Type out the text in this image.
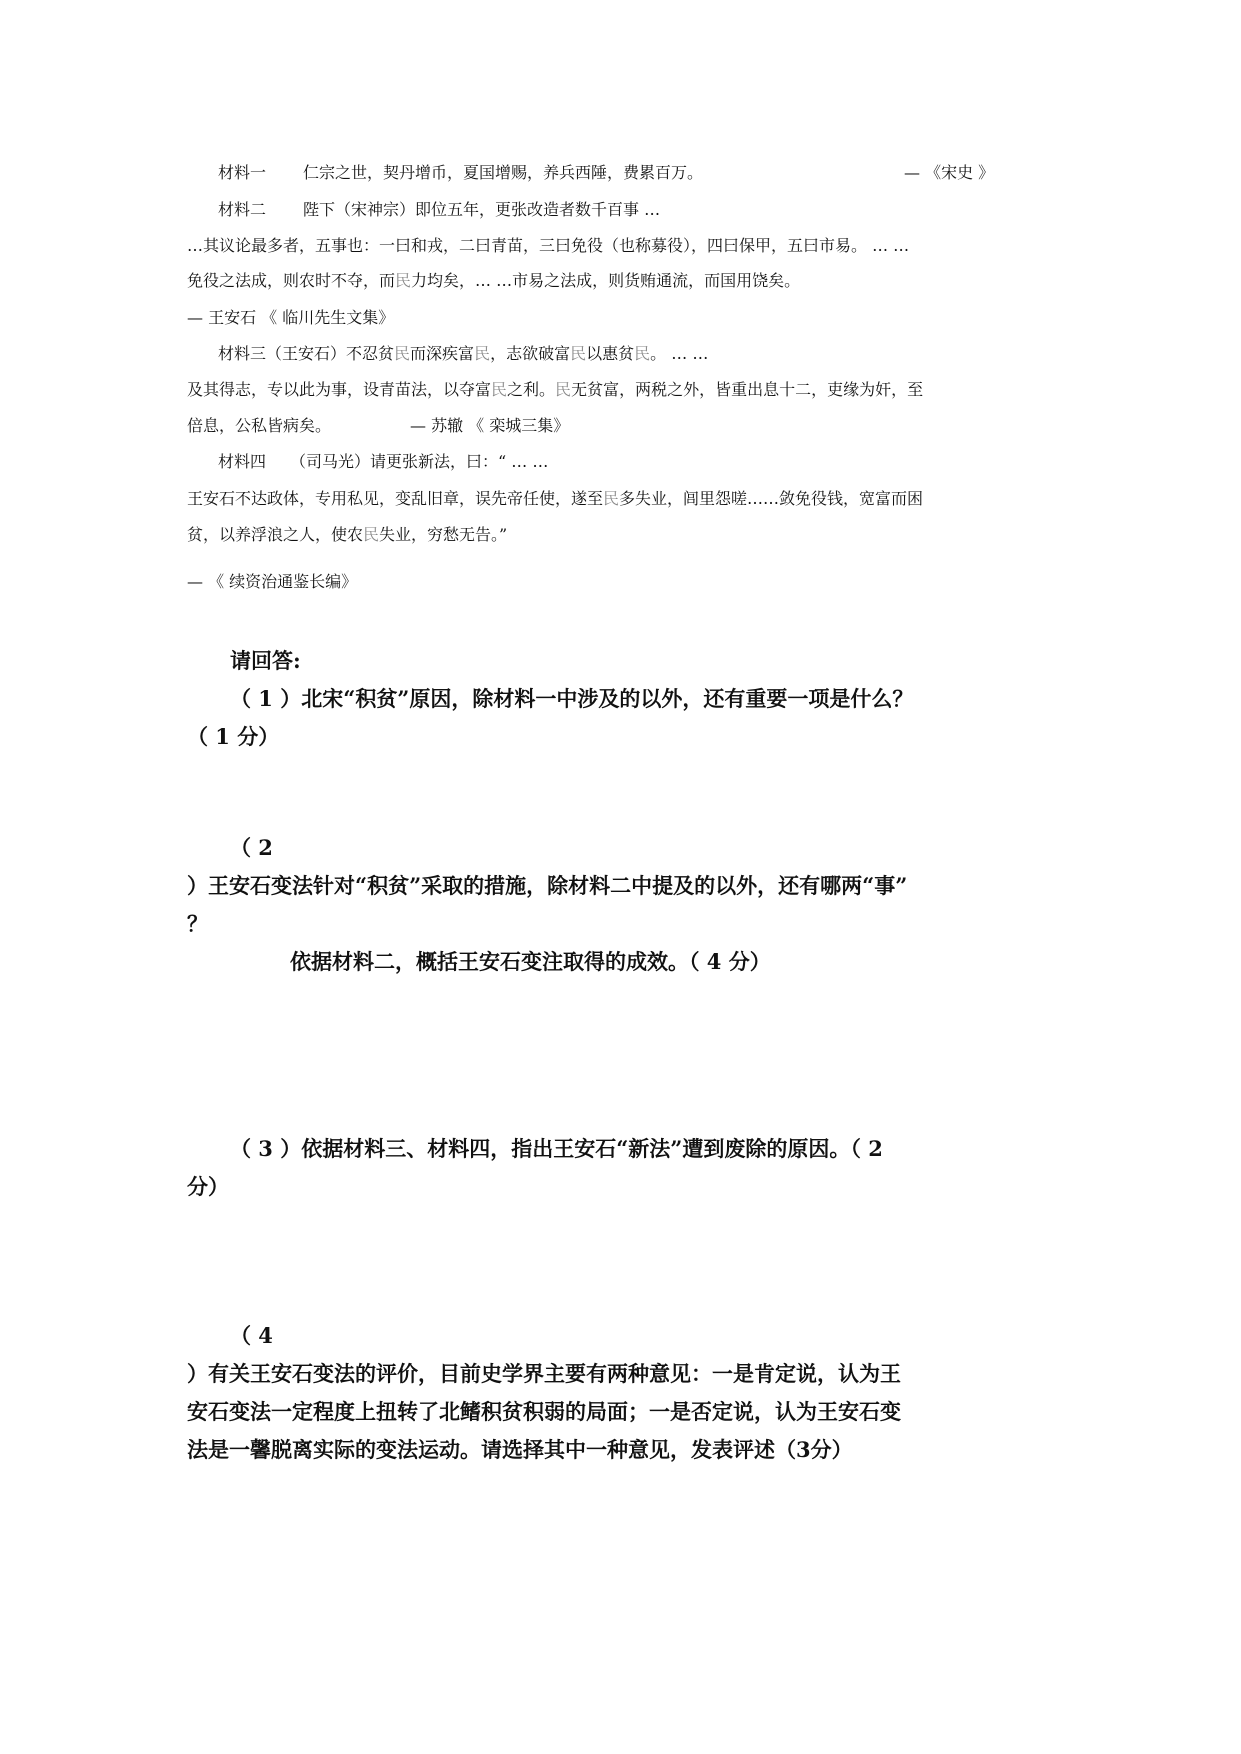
材料一 仁宗之世，契丹增币，夏国增赐，养兵西陲，费累百万。	— 《宋史 》
材料二 陛下（宋神宗）即位五年，更张改造者数千百事 …
…其议论最多者，五事也：一曰和戎，二曰青苗，三曰免役（也称募役），四曰保甲，五曰市易。 … …
免役之法成，则农时不夺，而民力均矣，… …市易之法成，则货贿通流，而国用饶矣。
— 王安石 《 临川先生文集》
材料三（王安石）不忍贫民而深疾富民，志欲破富民以惠贫民。 … …
及其得志，专以此为事，设青苗法，以夺富民之利。民无贫富，两税之外，皆重出息十二，吏缘为奸，至
倍息，公私皆病矣。	— 苏辙 《 栾城三集》
材料四 （司马光）请更张新法，曰：“ … …
王安石不达政体，专用私见，变乱旧章，误先帝任使，遂至民多失业，闾里怨嗟……敛免役钱，宽富而困
贫，以养浮浪之人，使农民失业，穷愁无告。”
— 《 续资治通鉴长编》
请回答:
（ 1 ）北宋“积贫”原因，除材料一中涉及的以外，还有重要一项是什么？
（ 1 分）
（ 2
）王安石变法针对“积贫”采取的措施，除材料二中提及的以外，还有哪两“事”
？
依据材料二，概括王安石变注取得的成效。（ 4 分）
（ 3 ）依据材料三、材料四，指出王安石“新法”遭到废除的原因。（ 2
分）
（ 4
）有关王安石变法的评价，目前史学界主要有两种意见：一是肯定说，认为王
安石变法一定程度上扭转了北鳍积贫积弱的局面；一是否定说，认为王安石变
法是一馨脱离实际的变法运动。请选择其中一种意见，发表评述（3分）
